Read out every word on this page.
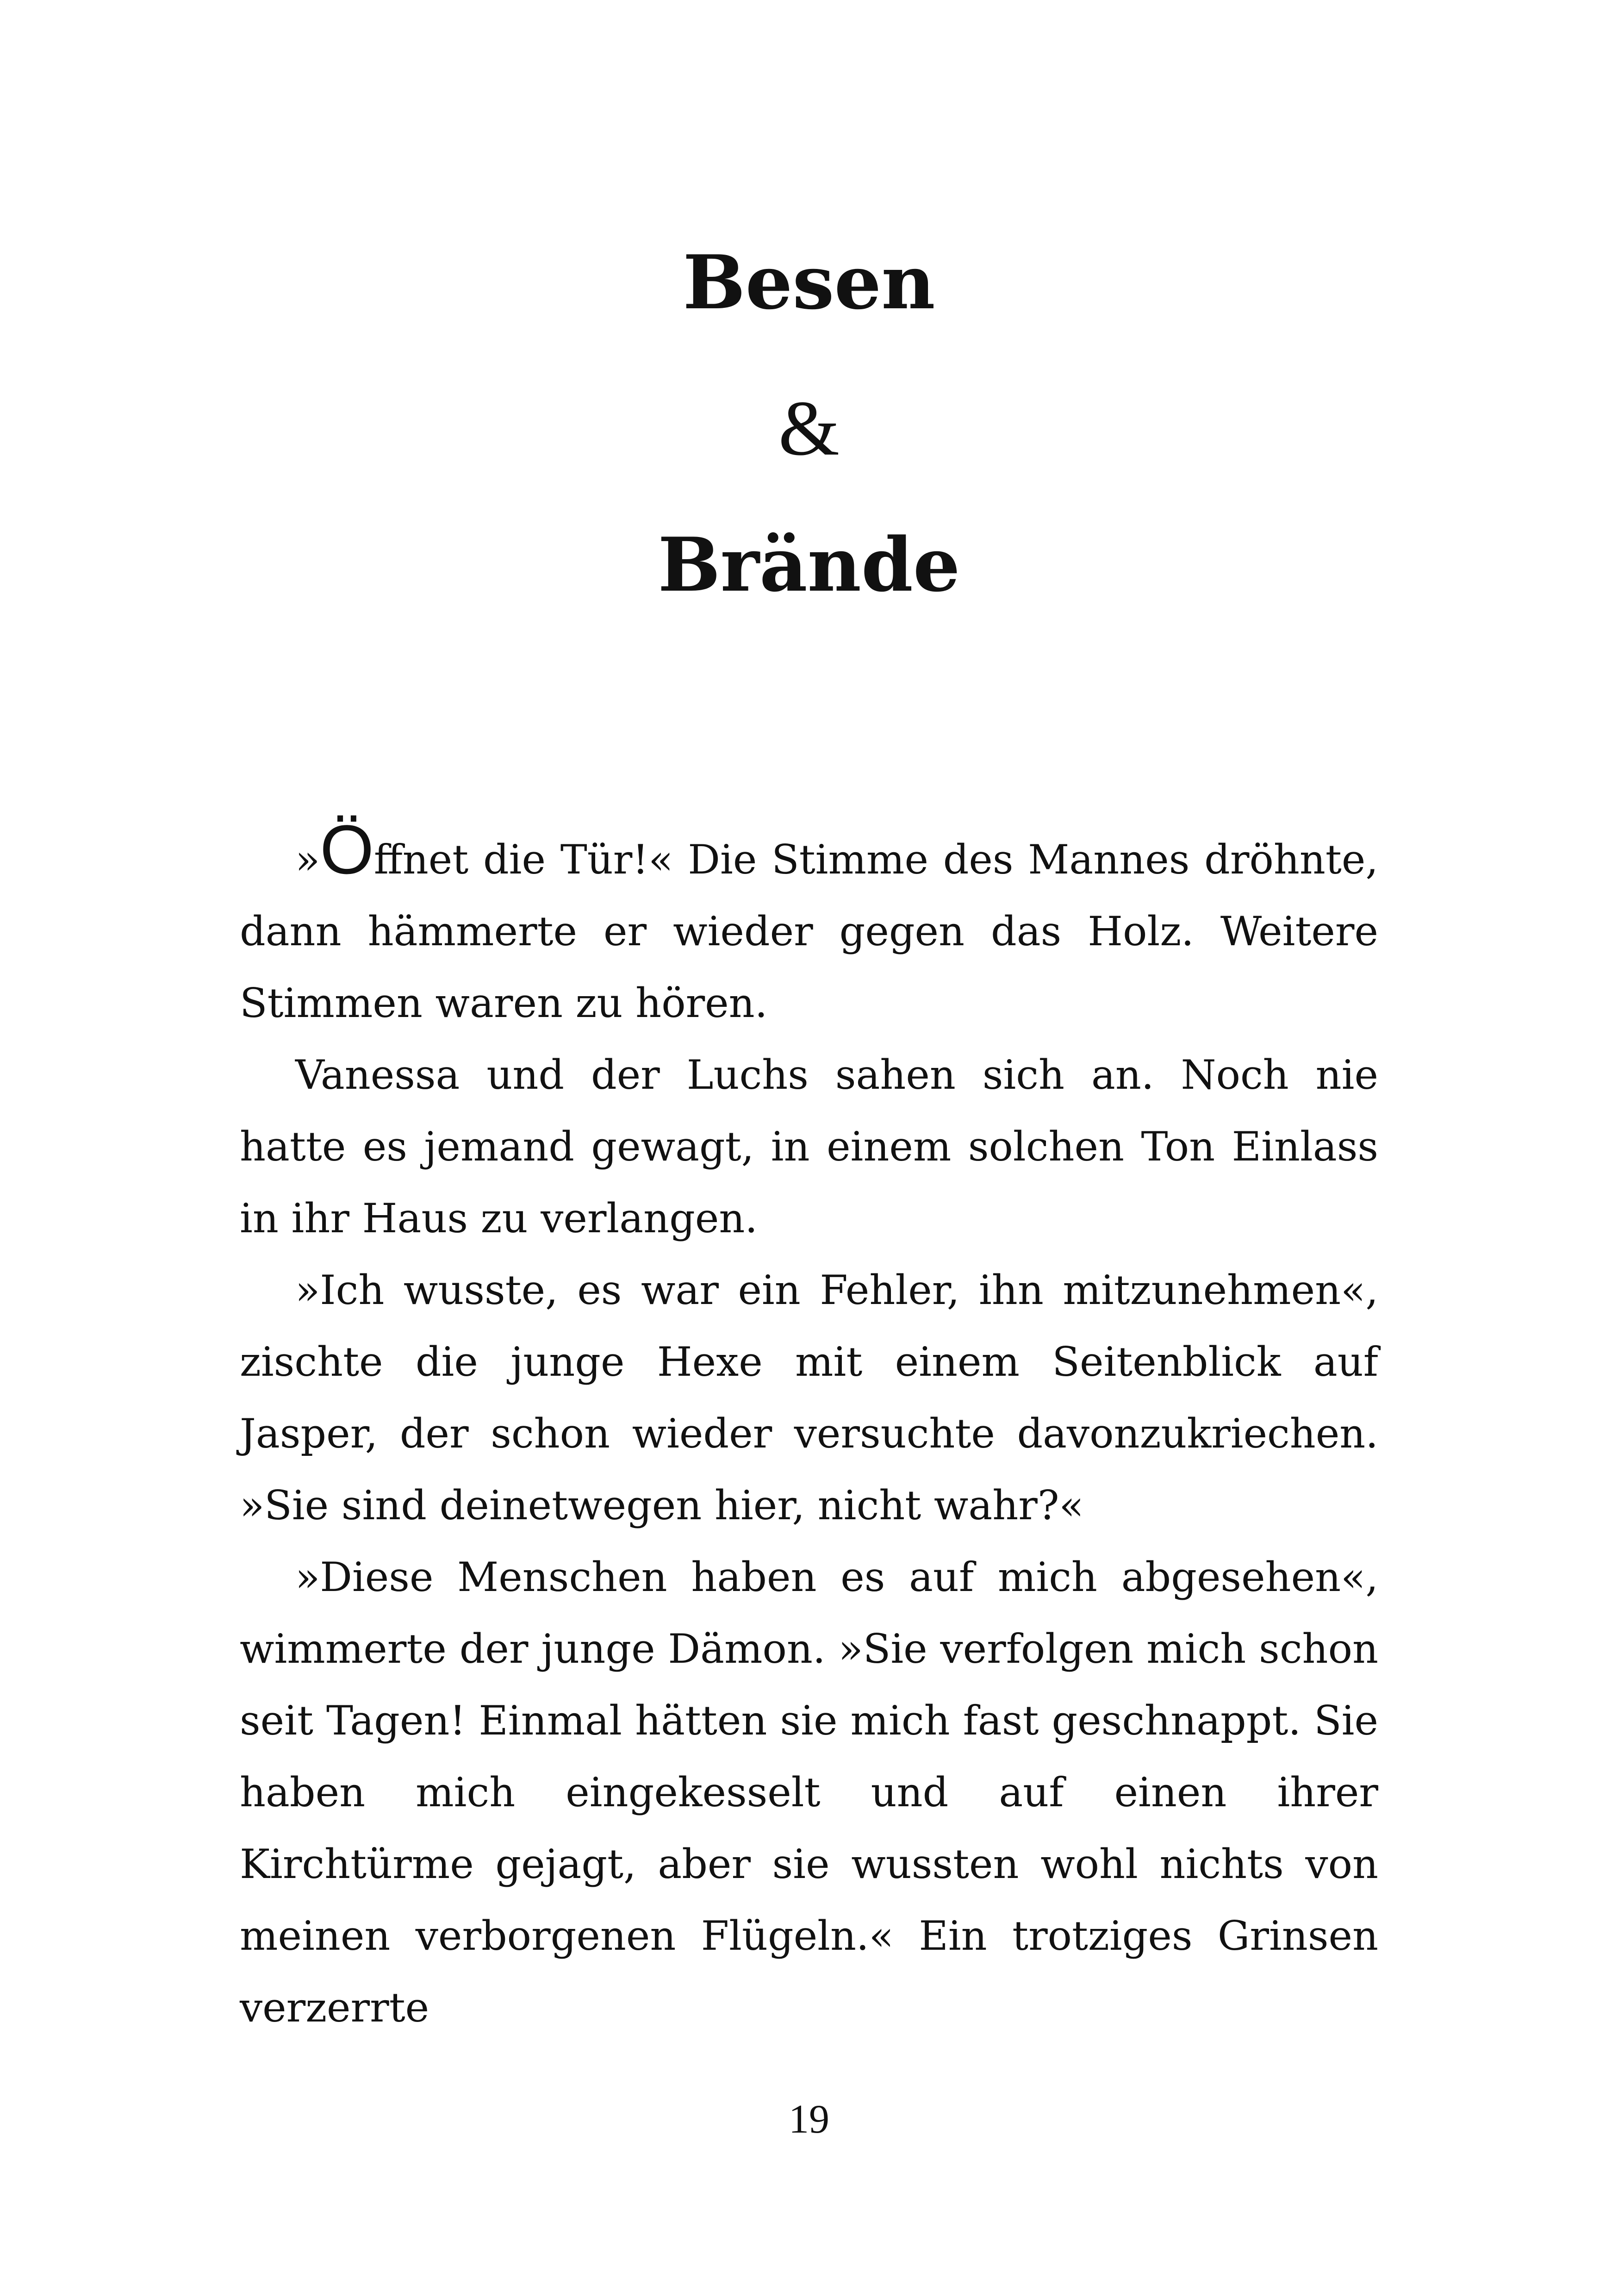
Besen
&
Brände

»Öffnet die Tür!« Die Stimme des Mannes dröhnte, dann hämmerte er wieder gegen das Holz. Weitere Stimmen waren zu hören.

Vanessa und der Luchs sahen sich an. Noch nie hatte es jemand gewagt, in einem solchen Ton Einlass in ihr Haus zu verlangen.

»Ich wusste, es war ein Fehler, ihn mitzunehmen«, zischte die junge Hexe mit einem Seitenblick auf Jasper, der schon wieder versuchte davonzukriechen. »Sie sind deinetwegen hier, nicht wahr?«

»Diese Menschen haben es auf mich abgesehen«, wimmerte der junge Dämon. »Sie verfolgen mich schon seit Tagen! Einmal hätten sie mich fast geschnappt. Sie haben mich eingekesselt und auf einen ihrer Kirchtürme gejagt, aber sie wussten wohl nichts von meinen verborgenen Flügeln.« Ein trotziges Grinsen verzerrte

19
